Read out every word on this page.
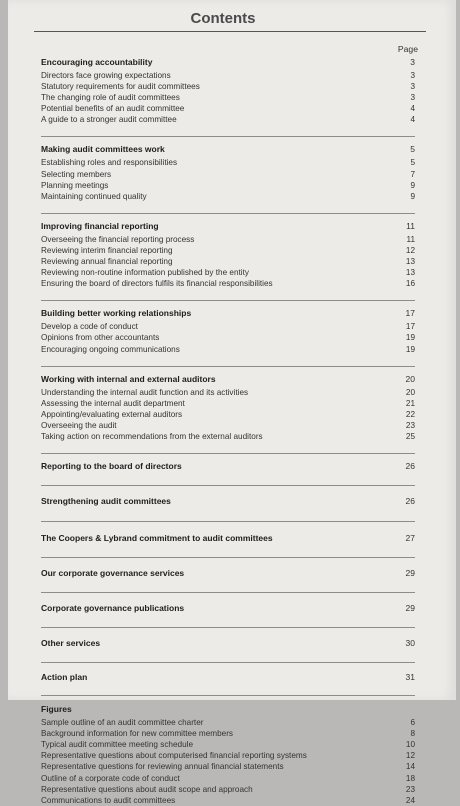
Contents
Page
Encouraging accountability	3
Directors face growing expectations	3
Statutory requirements for audit committees	3
The changing role of audit committees	3
Potential benefits of an audit committee	4
A guide to a stronger audit committee	4
Making audit committees work	5
Establishing roles and responsibilities	5
Selecting members	7
Planning meetings	9
Maintaining continued quality	9
Improving financial reporting	11
Overseeing the financial reporting process	11
Reviewing interim financial reporting	12
Reviewing annual financial reporting	13
Reviewing non-routine information published by the entity	13
Ensuring the board of directors fulfils its financial responsibilities	16
Building better working relationships	17
Develop a code of conduct	17
Opinions from other accountants	19
Encouraging ongoing communications	19
Working with internal and external auditors	20
Understanding the internal audit function and its activities	20
Assessing the internal audit department	21
Appointing/evaluating external auditors	22
Overseeing the audit	23
Taking action on recommendations from the external auditors	25
Reporting to the board of directors	26
Strengthening audit committees	26
The Coopers & Lybrand commitment to audit committees	27
Our corporate governance services	29
Corporate governance publications	29
Other services	30
Action plan	31
Figures
Sample outline of an audit committee charter	6
Background information for new committee members	8
Typical audit committee meeting schedule	10
Representative questions about computerised financial reporting systems	12
Representative questions for reviewing annual financial statements	14
Outline of a corporate code of conduct	18
Representative questions about audit scope and approach	23
Communications to audit committees	24
